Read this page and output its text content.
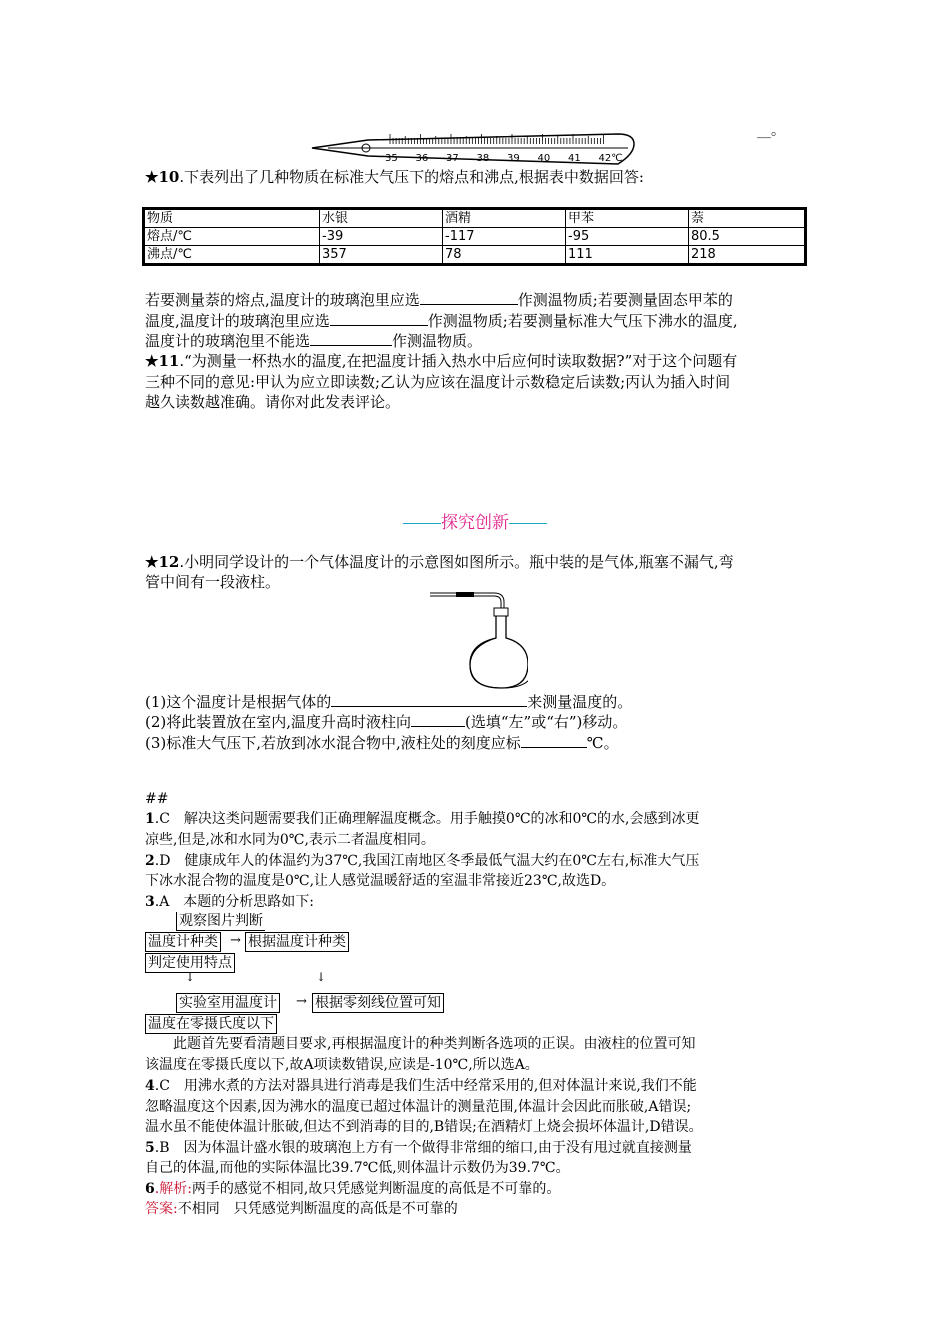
35 36 37 38 39 40 41 42℃
__。
★10.下表列出了几种物质在标准大气压下的熔点和沸点,根据表中数据回答:
物质	水银	酒精	甲苯	萘
熔点/℃	-39	-117	-95	80.5
沸点/℃	357	78	111	218
若要测量萘的熔点,温度计的玻璃泡里应选	作测温物质;若要测量固态甲苯的
温度,温度计的玻璃泡里应选	作测温物质;若要测量标准大气压下沸水的温度,
温度计的玻璃泡里不能选	作测温物质。
★11.“为测量一杯热水的温度,在把温度计插入热水中后应何时读取数据?”对于这个问题有
三种不同的意见:甲认为应立即读数;乙认为应该在温度计示数稳定后读数;丙认为插入时间
越久读数越准确。请你对此发表评论。
探究创新
★12.小明同学设计的一个气体温度计的示意图如图所示。瓶中装的是气体,瓶塞不漏气,弯
管中间有一段液柱。
(1)这个温度计是根据气体的	来测量温度的。
(2)将此装置放在室内,温度升高时液柱向	(选填“左”或“右”)移动。
(3)标准大气压下,若放到冰水混合物中,液柱处的刻度应标	℃。
##
1.C　解决这类问题需要我们正确理解温度概念。用手触摸0℃的冰和0℃的水,会感到冰更
凉些,但是,冰和水同为0℃,表示二者温度相同。
2.D　健康成年人的体温约为37℃,我国江南地区冬季最低气温大约在0℃左右,标准大气压
下冰水混合物的温度是0℃,让人感觉温暖舒适的室温非常接近23℃,故选D。
3.A　本题的分析思路如下:
观察图片判断
温度计种类 → 根据温度计种类
判定使用特点
↓	↓
实验室用温度计 → 根据零刻线位置可知
温度在零摄氏度以下
　　此题首先要看清题目要求,再根据温度计的种类判断各选项的正误。由液柱的位置可知
该温度在零摄氏度以下,故A项读数错误,应读是-10℃,所以选A。
4.C　用沸水煮的方法对器具进行消毒是我们生活中经常采用的,但对体温计来说,我们不能
忽略温度这个因素,因为沸水的温度已超过体温计的测量范围,体温计会因此而胀破,A错误;
温水虽不能使体温计胀破,但达不到消毒的目的,B错误;在酒精灯上烧会损坏体温计,D错误。
5.B　因为体温计盛水银的玻璃泡上方有一个做得非常细的缩口,由于没有甩过就直接测量
自己的体温,而他的实际体温比39.7℃低,则体温计示数仍为39.7℃。
6.解析:两手的感觉不相同,故只凭感觉判断温度的高低是不可靠的。
答案:不相同　只凭感觉判断温度的高低是不可靠的
